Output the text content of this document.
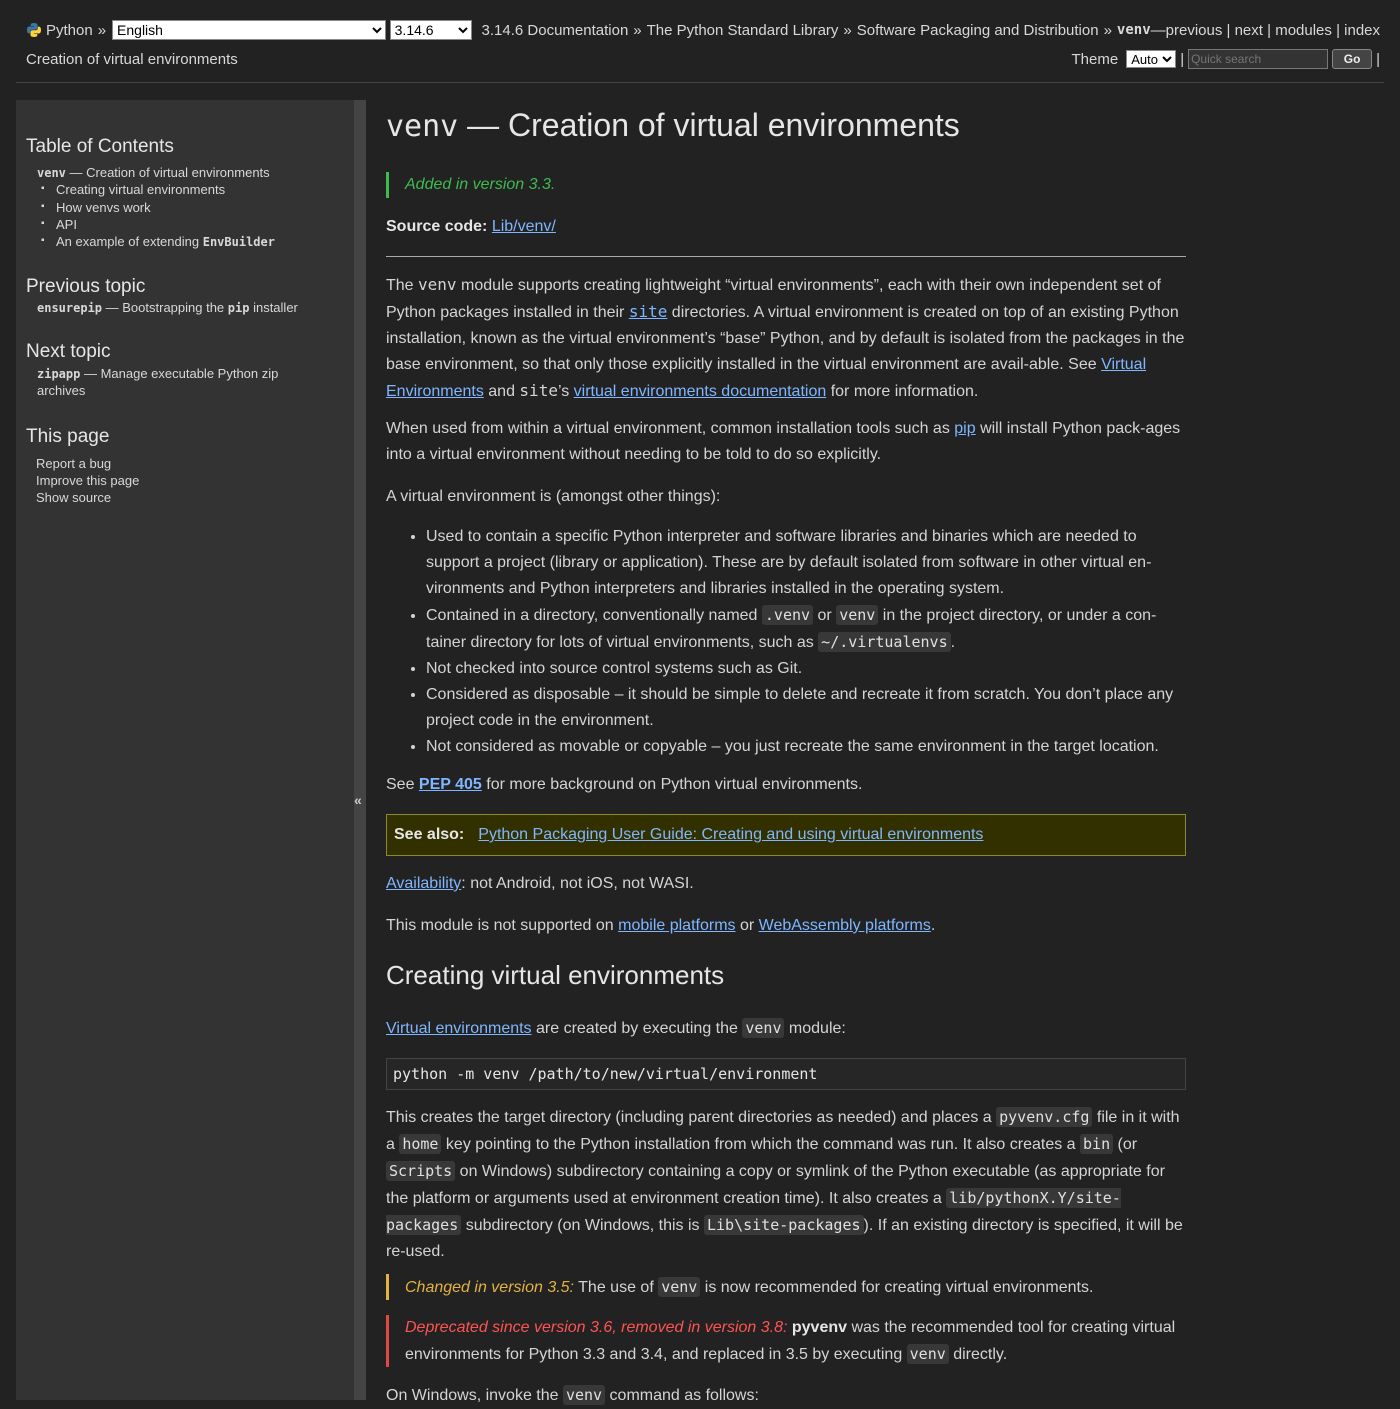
Python »
English
3.14.6	3.14.6 Documentation » The Python Standard Library » Software Packaging and Distribution » venv — previous | next | modules | index
Creation of virtual environments	Theme
Auto	|
Quick search	Go	|
Table of Contents
venv — Creation of virtual environments
▪ Creating virtual environments
▪ How venvs work
▪ API
▪ An example of extending EnvBuilder
Previous topic
ensurepip — Bootstrapping the pip installer
Next topic
zipapp — Manage executable Python zip
archives
This page
Report a bug
Improve this page
Show source
«
venv — Creation of virtual environments
Added in version 3.3.

Source code: Lib/venv/

The venv module supports creating lightweight “virtual environments”, each with their own independent set of Python packages installed in their site directories. A virtual environment is created on top of an existing Python installation, known as the virtual environment’s “base” Python, and by default is isolated from the packages in the base environment, so that only those explicitly installed in the virtual environment are avail-able. See Virtual Environments and site’s virtual environments documentation for more information.

When used from within a virtual environment, common installation tools such as pip will install Python pack-ages into a virtual environment without needing to be told to do so explicitly.

A virtual environment is (amongst other things):

• Used to contain a specific Python interpreter and software libraries and binaries which are needed to support a project (library or application). These are by default isolated from software in other virtual en-vironments and Python interpreters and libraries installed in the operating system.
• Contained in a directory, conventionally named .venv or venv in the project directory, or under a con-tainer directory for lots of virtual environments, such as ~/.virtualenvs .
• Not checked into source control systems such as Git.
• Considered as disposable – it should be simple to delete and recreate it from scratch. You don’t place any project code in the environment.
• Not considered as movable or copyable – you just recreate the same environment in the target location.

See PEP 405 for more background on Python virtual environments.

See also: Python Packaging User Guide: Creating and using virtual environments

Availability: not Android, not iOS, not WASI.

This module is not supported on mobile platforms or WebAssembly platforms.

Creating virtual environments

Virtual environments are created by executing the venv module:

python -m venv /path/to/new/virtual/environment

This creates the target directory (including parent directories as needed) and places a pyvenv.cfg file in it with a home key pointing to the Python installation from which the command was run. It also creates a bin (or Scripts on Windows) subdirectory containing a copy or symlink of the Python executable (as appropriate for the platform or arguments used at environment creation time). It also creates a lib/pythonX.Y/site-packages subdirectory (on Windows, this is Lib\site-packages ). If an existing directory is specified, it will be re-used.

Changed in version 3.5: The use of venv is now recommended for creating virtual environments.
Deprecated since version 3.6, removed in version 3.8: pyvenv was the recommended tool for creating virtual environments for Python 3.3 and 3.4, and replaced in 3.5 by executing venv directly.

On Windows, invoke the venv command as follows:
